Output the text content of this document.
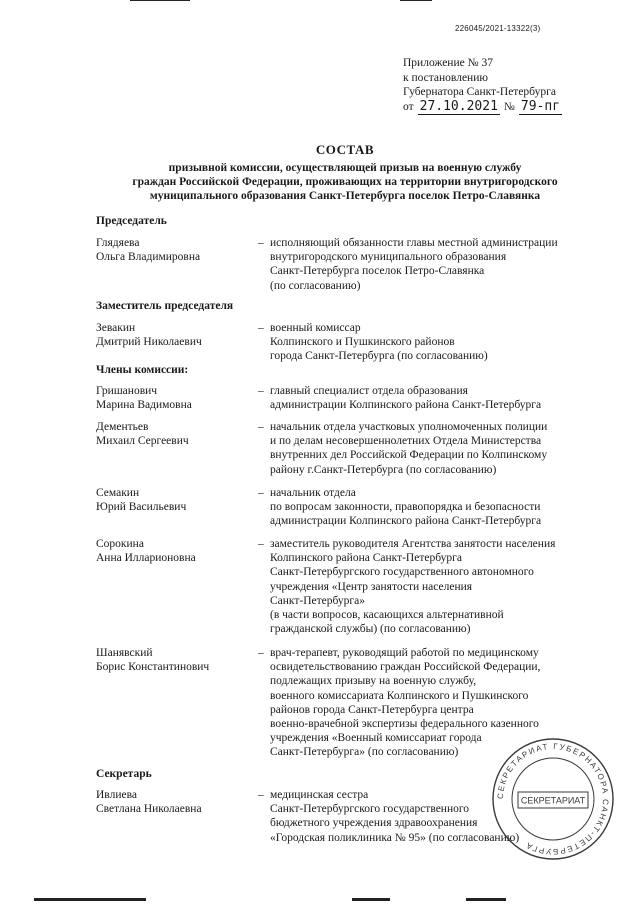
226045/2021-13322(3)
Приложение № 37
к постановлению
Губернатора Санкт-Петербурга
от 27.10.2021 № 79-пг
СОСТАВ
призывной комиссии, осуществляющей призыв на военную службу
граждан Российской Федерации, проживающих на территории внутригородского
муниципального образования Санкт-Петербурга поселок Петро-Славянка
Председатель
Глядяева
Ольга Владимировна
– исполняющий обязанности главы местной администрации
внутригородского муниципального образования
Санкт-Петербурга поселок Петро-Славянка
(по согласованию)
Заместитель председателя
Зевакин
Дмитрий Николаевич
– военный комиссар
Колпинского и Пушкинского районов
города Санкт-Петербурга (по согласованию)
Члены комиссии:
Гришанович
Марина Вадимовна
– главный специалист отдела образования
администрации Колпинского района Санкт-Петербурга
Дементьев
Михаил Сергеевич
– начальник отдела участковых уполномоченных полиции
и по делам несовершеннолетних Отдела Министерства
внутренних дел Российской Федерации по Колпинскому
району г.Санкт-Петербурга (по согласованию)
Семакин
Юрий Васильевич
– начальник отдела
по вопросам законности, правопорядка и безопасности
администрации Колпинского района Санкт-Петербурга
Сорокина
Анна Илларионовна
– заместитель руководителя Агентства занятости населения
Колпинского района Санкт-Петербурга
Санкт-Петербургского государственного автономного
учреждения «Центр занятости населения
Санкт-Петербурга»
(в части вопросов, касающихся альтернативной
гражданской службы) (по согласованию)
Шанявский
Борис Константинович
– врач-терапевт, руководящий работой по медицинскому
освидетельствованию граждан Российской Федерации,
подлежащих призыву на военную службу,
военного комиссариата Колпинского и Пушкинского
районов города Санкт-Петербурга центра
военно-врачебной экспертизы федерального казенного
учреждения «Военный комиссариат города
Санкт-Петербурга» (по согласованию)
Секретарь
Ивлиева
Светлана Николаевна
– медицинская сестра
Санкт-Петербургского государственного
бюджетного учреждения здравоохранения
«Городская поликлиника № 95» (по согласованию)
СЕКРЕТАРИАТ ГУБЕРНАТОРА САНКТ-ПЕТЕРБУРГА
СЕКРЕТАРИАТ
